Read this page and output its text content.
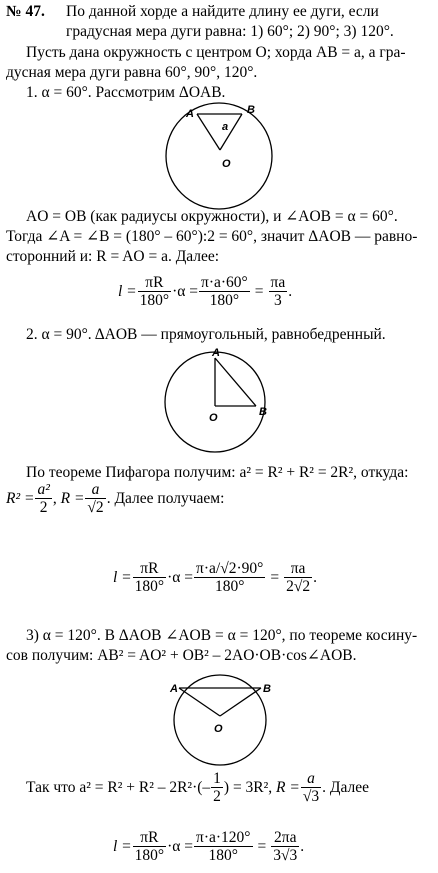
№ 47. По данной хорде a найдите длину ее дуги, если
градусная мера дуги равна: 1) 60°; 2) 90°; 3) 120°.
Пусть дана окружность с центром O; хорда AB = a, а гра-
дусная мера дуги равна 60°, 90°, 120°.
1. α = 60°. Рассмотрим ΔOAB.
A	B
a
O
AO = OB (как радиусы окружности), и ∠AOB = α = 60°.
Тогда ∠A = ∠B = (180° – 60°):2 = 60°, значит ΔAOB — равно-
сторонний и: R = AO = a. Далее:
$l = \frac{\pi R}{180^\circ} \cdot\alpha = \frac{\pi\cdot a\cdot 60^\circ}{180^\circ} = \frac{\pi a}{3}$ .
2. α = 90°. ΔAOB — прямоугольный, равнобедренный.
A
B
O
По теореме Пифагора получим: a² = R² + R² = 2R², откуда:
$R^2 = \frac{\text{a²}}{2}$ ,
$R = \frac{a}{√2}$ . Далее получаем:
$l = \frac{\pi R}{180^\circ} \cdot\alpha = \frac{\pi\cdot a/√2\cdot 90^\circ}{180^\circ} = \frac{\pi a}{2√2}$ .
3) α = 120°. В ΔAOB ∠AOB = α = 120°, по теореме косину-
сов получим: AB² = AO² + OB² – 2AO·OB·cos∠AOB.
A	B
O
Так что $a^2 = R^2 + R^2 - 2R^2\cdot(- \frac{1}{2}$ ) = 3R²,
$R = \frac{a}{√3}$ . Далее
$l = \frac{\pi R}{180^\circ} \cdot\alpha = \frac{\pi\cdot a\cdot 120^\circ}{180^\circ} = \frac{2\pi a}{3√3}$ .
